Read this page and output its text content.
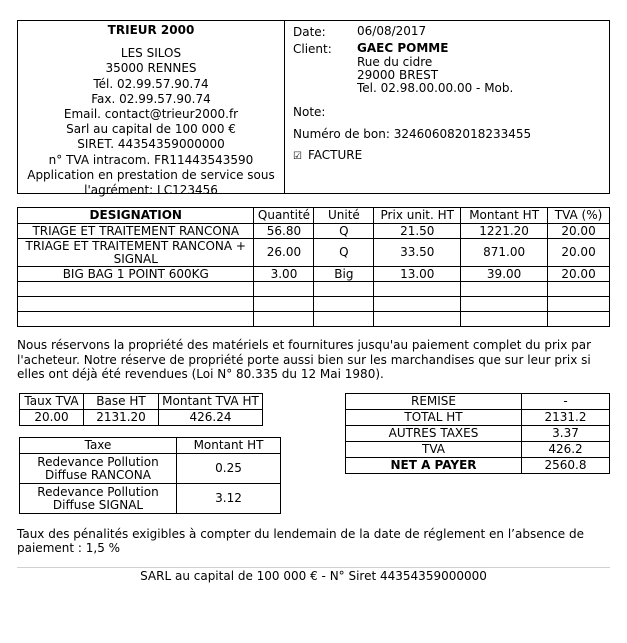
TRIEUR 2000
LES SILOS
35000 RENNES
Tél. 02.99.57.90.74
Fax. 02.99.57.90.74
Email. contact@trieur2000.fr
Sarl au capital de 100 000 €
SIRET. 44354359000000
n° TVA intracom. FR11443543590
Application en prestation de service sous
l'agrément: LC123456
Date:	06/08/2017
Client: GAEC POMME
Rue du cidre
29000 BREST
Tel. 02.98.00.00.00 - Mob.
Note:
Numéro de bon: 324606082018233455
☑ FACTURE
DESIGNATION	Quantité	Unité	Prix unit. HT	Montant HT	TVA (%)
TRIAGE ET TRAITEMENT RANCONA	56.80	Q	21.50	1221.20	20.00
TRIAGE ET TRAITEMENT RANCONA + SIGNAL	26.00	Q	33.50	871.00	20.00
BIG BAG 1 POINT 600KG	3.00	Big	13.00	39.00	20.00

Nous réservons la propriété des matériels et fournitures jusqu'au paiement complet du prix par l'acheteur. Notre réserve de propriété porte aussi bien sur les marchandises que sur leur prix si elles ont déjà été revendues (Loi N° 80.335 du 12 Mai 1980).
Taux TVA	Base HT	Montant TVA HT
20.00	2131.20	426.24
Taxe	Montant HT
Redevance Pollution Diffuse RANCONA	0.25
Redevance Pollution Diffuse SIGNAL	3.12
REMISE	-
TOTAL HT	2131.2
AUTRES TAXES	3.37
TVA	426.2
NET A PAYER	2560.8
Taux des pénalités exigibles à compter du lendemain de la date de réglement en l’absence de paiement : 1,5 %
SARL au capital de 100 000 € - N° Siret 44354359000000
